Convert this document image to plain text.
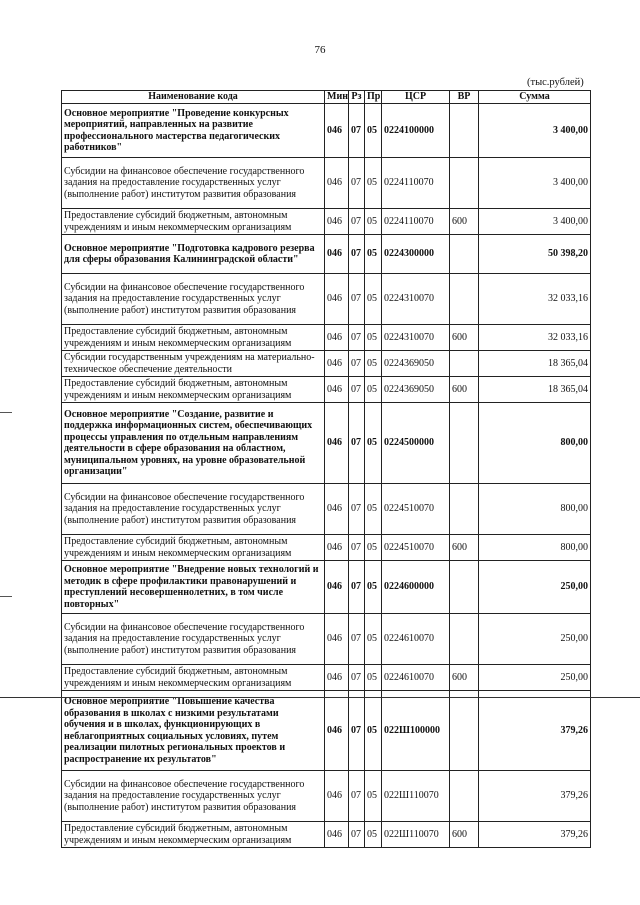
76
(тыс.рублей)
Наименование кода	Мин	Рз	Пр	ЦСР	ВР	Сумма
Основное мероприятие "Проведение конкурсных мероприятий, направленных на развитие профессионального мастерства педагогических работников"	046	07	05	0224100000		3 400,00
Субсидии на финансовое обеспечение государственного задания на предоставление государственных услуг (выполнение работ) институтом развития образования	046	07	05	0224110070		3 400,00
Предоставление субсидий бюджетным, автономным учреждениям и иным некоммерческим организациям	046	07	05	0224110070	600	3 400,00
Основное мероприятие "Подготовка кадрового резерва для сферы образования Калининградской области"	046	07	05	0224300000		50 398,20
Субсидии на финансовое обеспечение государственного задания на предоставление государственных услуг (выполнение работ) институтом развития образования	046	07	05	0224310070		32 033,16
Предоставление субсидий бюджетным, автономным учреждениям и иным некоммерческим организациям	046	07	05	0224310070	600	32 033,16
Субсидии государственным учреждениям на материально-техническое обеспечение деятельности	046	07	05	0224369050		18 365,04
Предоставление субсидий бюджетным, автономным учреждениям и иным некоммерческим организациям	046	07	05	0224369050	600	18 365,04
Основное мероприятие "Создание, развитие и поддержка информационных систем, обеспечивающих процессы управления по отдельным направлениям деятельности в сфере образования на областном, муниципальном уровнях, на уровне образовательной организации"	046	07	05	0224500000		800,00
Субсидии на финансовое обеспечение государственного задания на предоставление государственных услуг (выполнение работ) институтом развития образования	046	07	05	0224510070		800,00
Предоставление субсидий бюджетным, автономным учреждениям и иным некоммерческим организациям	046	07	05	0224510070	600	800,00
Основное мероприятие "Внедрение новых технологий и методик в сфере профилактики правонарушений и преступлений несовершеннолетних, в том числе повторных"	046	07	05	0224600000		250,00
Субсидии на финансовое обеспечение государственного задания на предоставление государственных услуг (выполнение работ) институтом развития образования	046	07	05	0224610070		250,00
Предоставление субсидий бюджетным, автономным учреждениям и иным некоммерческим организациям	046	07	05	0224610070	600	250,00
Основное мероприятие "Повышение качества образования в школах с низкими результатами обучения и в школах, функционирующих в неблагоприятных социальных условиях, путем реализации пилотных региональных проектов и распространение их результатов"	046	07	05	022Ш100000		379,26
Субсидии на финансовое обеспечение государственного задания на предоставление государственных услуг (выполнение работ) институтом развития образования	046	07	05	022Ш110070		379,26
Предоставление субсидий бюджетным, автономным учреждениям и иным некоммерческим организациям	046	07	05	022Ш110070	600	379,26
